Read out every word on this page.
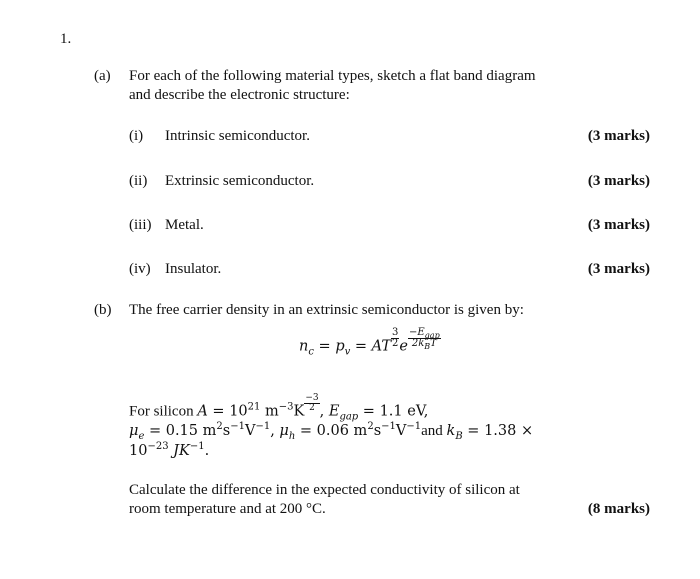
1.
(a) For each of the following material types, sketch a flat band diagram
and describe the electronic structure:
(i) Intrinsic semiconductor.	(3 marks)
(ii) Extrinsic semiconductor.	(3 marks)
(iii) Metal.	(3 marks)
(iv) Insulator.	(3 marks)
(b) The free carrier density in an extrinsic semiconductor is given by:
$n_c = p_v$ = AT $\frac{3}{2}$ e $\frac{-E_{gap}}{2k_BT}$
For silicon $A = 10^{21}$ $m^{-3}K \frac{-3}{2}$ , $E_{gap} = 1.1$ eV,
$\mu_e = 0.15$ $m^2s^{-1}V^{-1}$, $\mu_h = 0.06$ $m^2s^{-1}V^{-1}and$ $k_B = 1.38$ ×
$10^{-23}$ $JK^{-1}$.
Calculate the difference in the expected conductivity of silicon at
room temperature and at 200 °C.	(8 marks)
